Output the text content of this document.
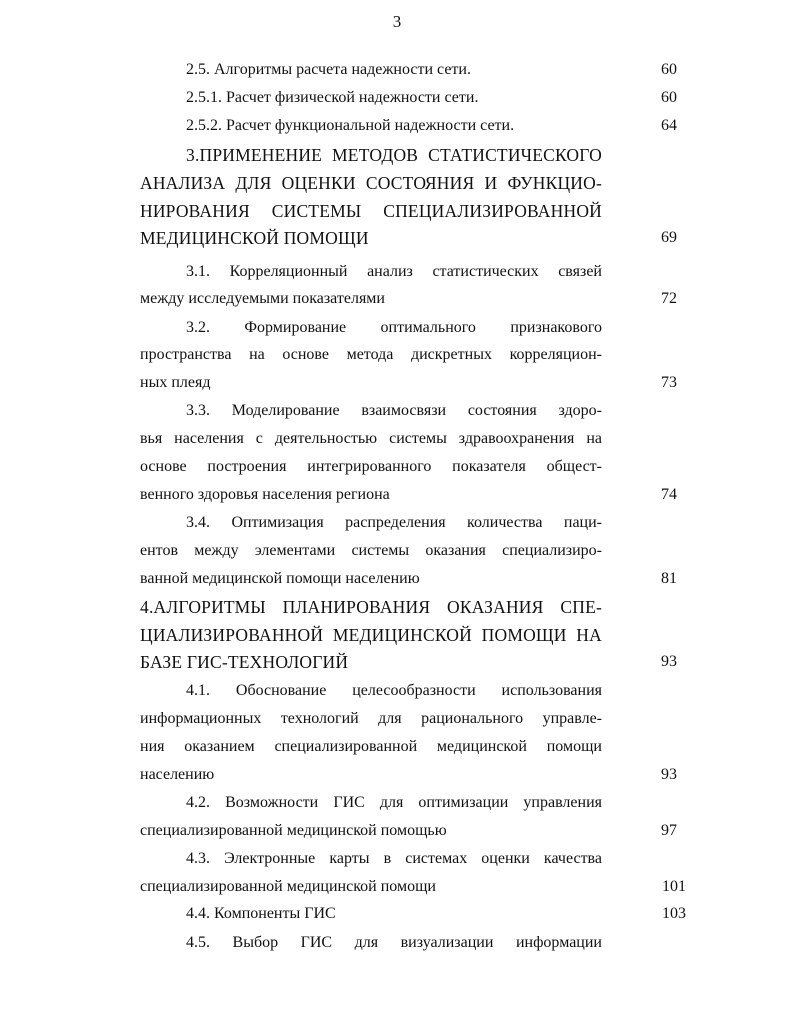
3

2.5. Алгоритмы расчета надежности сети.

2.5.1. Расчет физической надежности сети.

2.5.2. Расчет функциональной надежности сети.

3.ПРИМЕНЕНИЕ МЕТОДОВ СТАТИСТИЧЕСКОГО

АНАЛИЗА ДЛЯ ОЦЕНКИ СОСТОЯНИЯ И ФУНКЦИО-

НИРОВАНИЯ СИСТЕМЫ СПЕЦИАЛИЗИРОВАННОЙ

МЕДИЦИНСКОЙ ПОМОЩИ

3.1. Корреляционный анализ статистических связей

между исследуемыми показателями

3.2. Формирование оптимального признакового

пространства на основе метода дискретных корреляцион-

ных плеяд

3.3. Моделирование взаимосвязи состояния здоро-

вья населения с деятельностью системы здравоохранения на

основе построения интегрированного показателя общест-

венного здоровья населения региона

3.4. Оптимизация распределения количества паци-

ентов между элементами системы оказания специализиро-

ванной медицинской помощи населению

4.АЛГОРИТМЫ ПЛАНИРОВАНИЯ ОКАЗАНИЯ СПЕ-

ЦИАЛИЗИРОВАННОЙ МЕДИЦИНСКОЙ ПОМОЩИ НА

БАЗЕ ГИС-ТЕХНОЛОГИЙ

4.1. Обоснование целесообразности использования

информационных технологий для рационального управле-

ния оказанием специализированной медицинской помощи

населению

4.2. Возможности ГИС для оптимизации управления

специализированной медицинской помощью

4.3. Электронные карты в системах оценки качества

специализированной медицинской помощи

4.4. Компоненты ГИС

4.5. Выбор ГИС для визуализации информации

60

60

64

69

72

73

74

81

93

93

97

101

103
